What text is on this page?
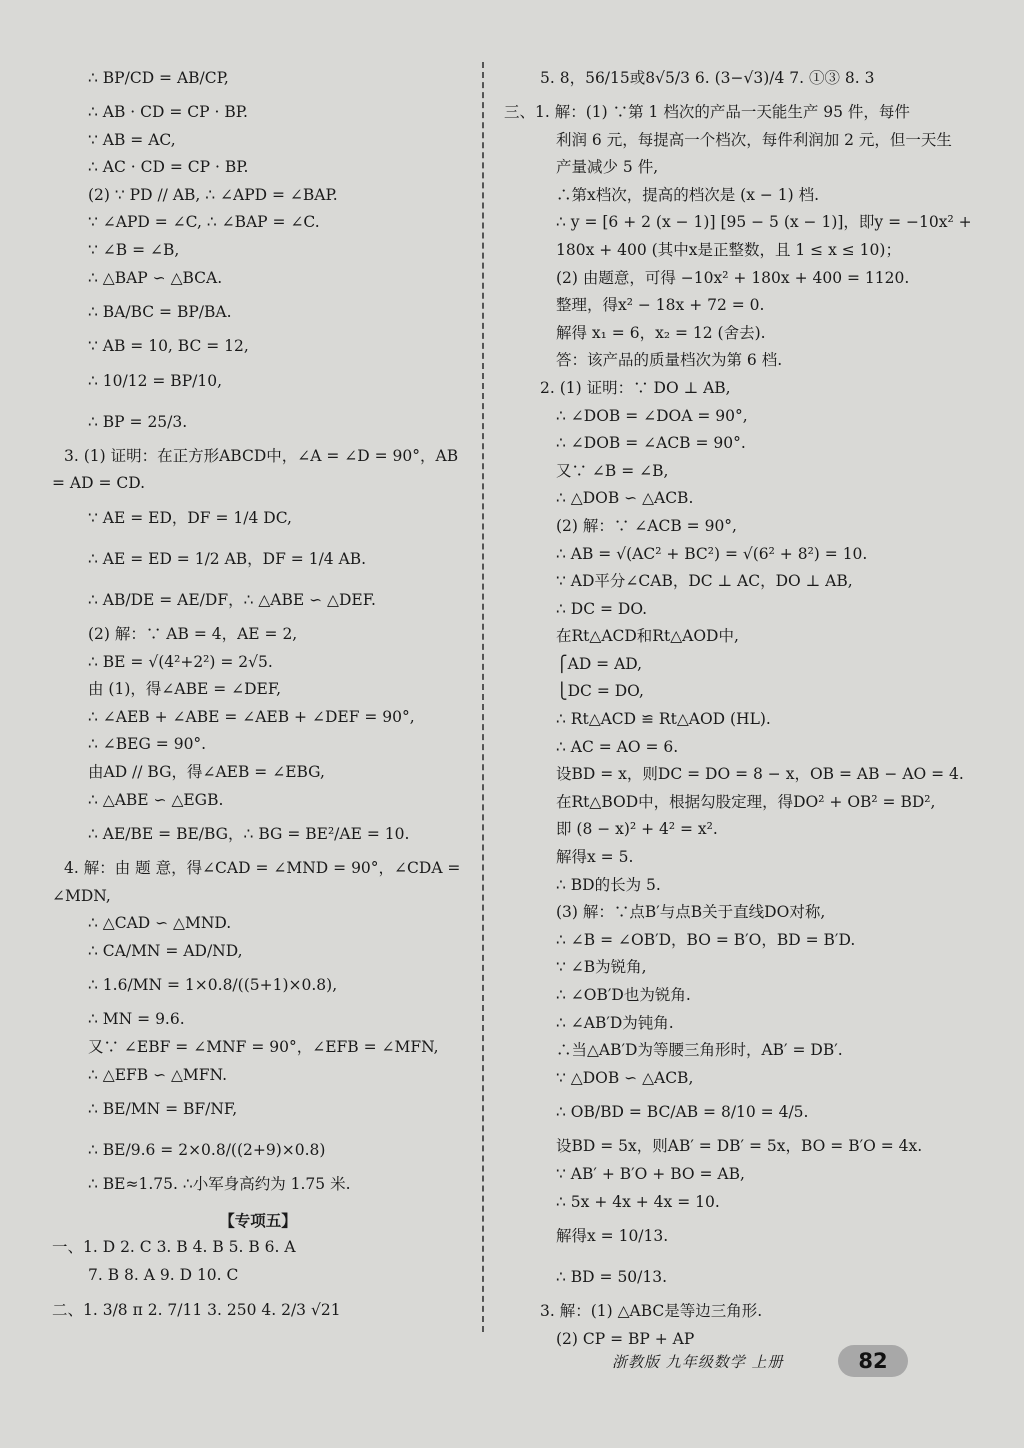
∴ BP/CD = AB/CP,
∴ AB · CD = CP · BP.
∵ AB = AC,
∴ AC · CD = CP · BP.
(2) ∵ PD // AB, ∴ ∠APD = ∠BAP.
∵ ∠APD = ∠C, ∴ ∠BAP = ∠C.
∵ ∠B = ∠B,
∴ △BAP ∽ △BCA.
∴ BA/BC = BP/BA.
∵ AB = 10, BC = 12,
∴ 10/12 = BP/10,
∴ BP = 25/3.
3. (1) 证明：在正方形ABCD中，∠A = ∠D = 90°，AB
= AD = CD.
∵ AE = ED，DF = 1/4 DC,
∴ AE = ED = 1/2 AB，DF = 1/4 AB.
∴ AB/DE = AE/DF，∴ △ABE ∽ △DEF.
(2) 解：∵ AB = 4，AE = 2,
∴ BE = √(4²+2²) = 2√5.
由 (1)，得∠ABE = ∠DEF,
∴ ∠AEB + ∠ABE = ∠AEB + ∠DEF = 90°,
∴ ∠BEG = 90°.
由AD // BG，得∠AEB = ∠EBG,
∴ △ABE ∽ △EGB.
∴ AE/BE = BE/BG，∴ BG = BE²/AE = 10.
4. 解：由 题 意，得∠CAD = ∠MND = 90°，∠CDA =
∠MDN,
∴ △CAD ∽ △MND.
∴ CA/MN = AD/ND,
∴ 1.6/MN = 1×0.8/((5+1)×0.8),
∴ MN = 9.6.
又∵ ∠EBF = ∠MNF = 90°，∠EFB = ∠MFN,
∴ △EFB ∽ △MFN.
∴ BE/MN = BF/NF,
∴ BE/9.6 = 2×0.8/((2+9)×0.8)
∴ BE≈1.75. ∴小军身高约为 1.75 米.
【专项五】
一、1. D 2. C 3. B 4. B 5. B 6. A
7. B 8. A 9. D 10. C
二、1. 3/8 π 2. 7/11 3. 250 4. 2/3 √21
5. 8，56/15或8√5/3 6. (3−√3)/4 7. ①③ 8. 3
三、1. 解：(1) ∵第 1 档次的产品一天能生产 95 件，每件
利润 6 元，每提高一个档次，每件利润加 2 元，但一天生
产量减少 5 件,
∴第x档次，提高的档次是 (x − 1) 档.
∴ y = [6 + 2 (x − 1)] [95 − 5 (x − 1)]，即y = −10x² +
180x + 400 (其中x是正整数，且 1 ≤ x ≤ 10)；
(2) 由题意，可得 −10x² + 180x + 400 = 1120.
整理，得x² − 18x + 72 = 0.
解得 x₁ = 6，x₂ = 12 (舍去).
答：该产品的质量档次为第 6 档.
2. (1) 证明：∵ DO ⊥ AB,
∴ ∠DOB = ∠DOA = 90°,
∴ ∠DOB = ∠ACB = 90°.
又∵ ∠B = ∠B,
∴ △DOB ∽ △ACB.
(2) 解：∵ ∠ACB = 90°,
∴ AB = √(AC² + BC²) = √(6² + 8²) = 10.
∵ AD平分∠CAB，DC ⊥ AC，DO ⊥ AB,
∴ DC = DO.
在Rt△ACD和Rt△AOD中,
⎧AD = AD,
⎩DC = DO,
∴ Rt△ACD ≌ Rt△AOD (HL).
∴ AC = AO = 6.
设BD = x，则DC = DO = 8 − x，OB = AB − AO = 4.
在Rt△BOD中，根据勾股定理，得DO² + OB² = BD²,
即 (8 − x)² + 4² = x².
解得x = 5.
∴ BD的长为 5.
(3) 解：∵点B′与点B关于直线DO对称,
∴ ∠B = ∠OB′D，BO = B′O，BD = B′D.
∵ ∠B为锐角,
∴ ∠OB′D也为锐角.
∴ ∠AB′D为钝角.
∴当△AB′D为等腰三角形时，AB′ = DB′.
∵ △DOB ∽ △ACB,
∴ OB/BD = BC/AB = 8/10 = 4/5.
设BD = 5x，则AB′ = DB′ = 5x，BO = B′O = 4x.
∵ AB′ + B′O + BO = AB,
∴ 5x + 4x + 4x = 10.
解得x = 10/13.
∴ BD = 50/13.
3. 解：(1) △ABC是等边三角形.
(2) CP = BP + AP
浙教版 九年级数学 上册	82
